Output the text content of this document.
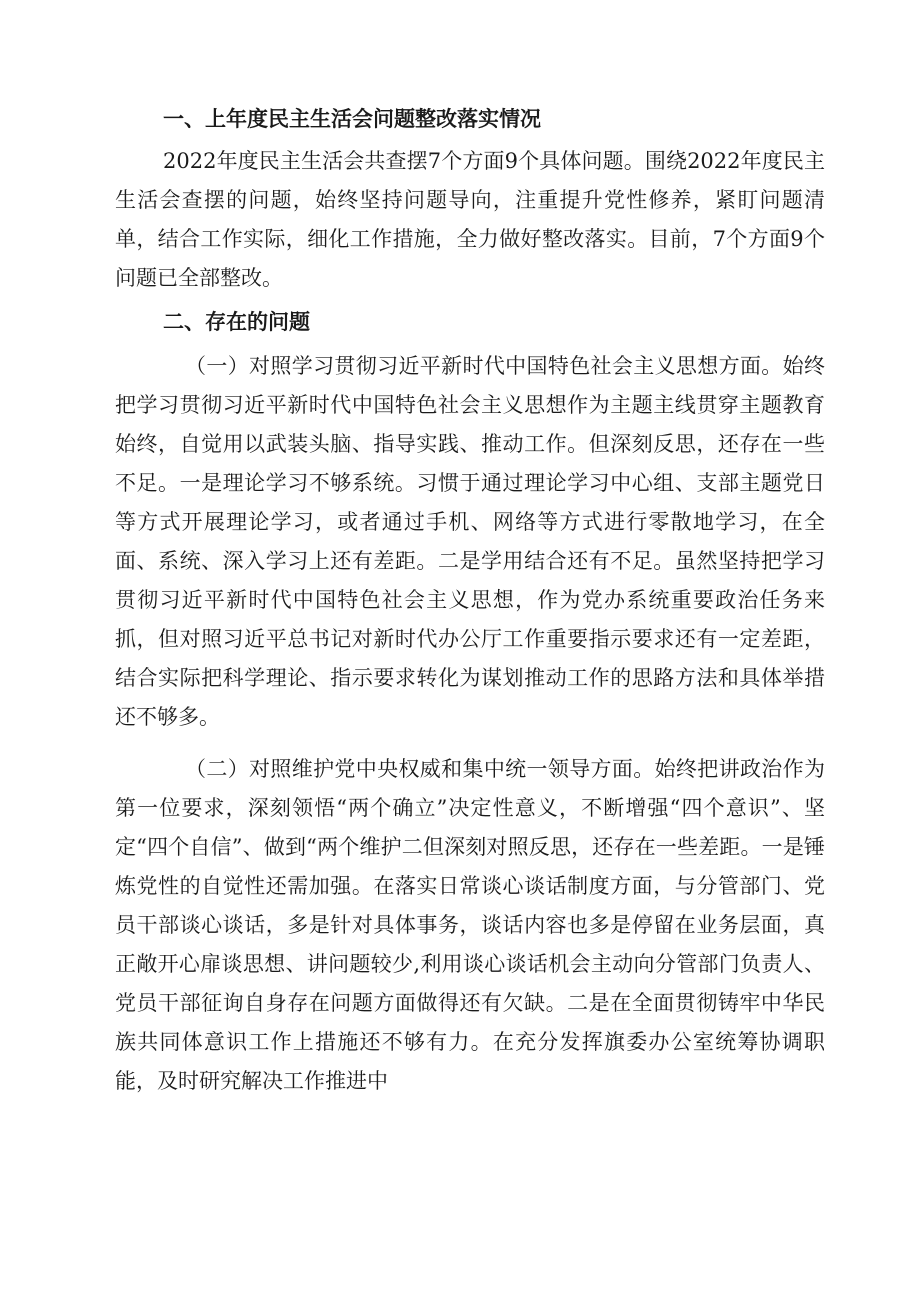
一、上年度民主生活会问题整改落实情况

2022年度民主生活会共查摆7个方面9个具体问题。围绕2022年度民主生活会查摆的问题，始终坚持问题导向，注重提升党性修养，紧盯问题清单，结合工作实际，细化工作措施，全力做好整改落实。目前，7个方面9个问题已全部整改。

二、存在的问题

（一）对照学习贯彻习近平新时代中国特色社会主义思想方面。始终把学习贯彻习近平新时代中国特色社会主义思想作为主题主线贯穿主题教育始终，自觉用以武装头脑、指导实践、推动工作。但深刻反思，还存在一些不足。一是理论学习不够系统。习惯于通过理论学习中心组、支部主题党日等方式开展理论学习，或者通过手机、网络等方式进行零散地学习，在全面、系统、深入学习上还有差距。二是学用结合还有不足。虽然坚持把学习贯彻习近平新时代中国特色社会主义思想，作为党办系统重要政治任务来抓，但对照习近平总书记对新时代办公厅工作重要指示要求还有一定差距，结合实际把科学理论、指示要求转化为谋划推动工作的思路方法和具体举措还不够多。

（二）对照维护党中央权威和集中统一领导方面。始终把讲政治作为第一位要求，深刻领悟“两个确立”决定性意义，不断增强“四个意识”、坚定“四个自信”、做到“两个维护二但深刻对照反思，还存在一些差距。一是锤炼党性的自觉性还需加强。在落实日常谈心谈话制度方面，与分管部门、党员干部谈心谈话，多是针对具体事务，谈话内容也多是停留在业务层面，真正敞开心扉谈思想、讲问题较少,利用谈心谈话机会主动向分管部门负责人、党员干部征询自身存在问题方面做得还有欠缺。二是在全面贯彻铸牢中华民族共同体意识工作上措施还不够有力。在充分发挥旗委办公室统筹协调职能，及时研究解决工作推进中
